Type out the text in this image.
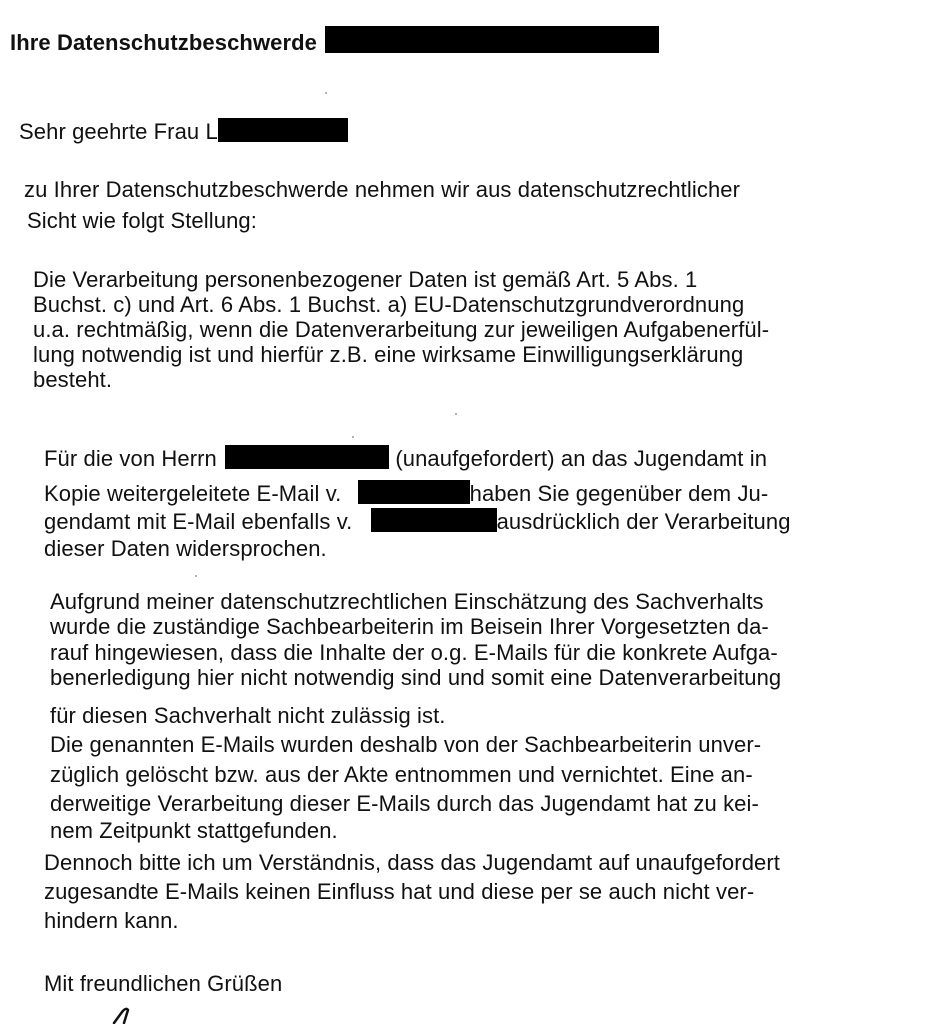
Ihre Datenschutzbeschwerde
Sehr geehrte Frau L
zu Ihrer Datenschutzbeschwerde nehmen wir aus datenschutzrechtlicher
Sicht wie folgt Stellung:
Die Verarbeitung personenbezogener Daten ist gemäß Art. 5 Abs. 1
Buchst. c) und Art. 6 Abs. 1 Buchst. a) EU-Datenschutzgrundverordnung
u.a. rechtmäßig, wenn die Datenverarbeitung zur jeweiligen Aufgabenerfül-
lung notwendig ist und hierfür z.B. eine wirksame Einwilligungserklärung
besteht.
Für die von Herrn	(unaufgefordert) an das Jugendamt in
Kopie weitergeleitete E-Mail v.	haben Sie gegenüber dem Ju-
gendamt mit E-Mail ebenfalls v.	ausdrücklich der Verarbeitung
dieser Daten widersprochen.
Aufgrund meiner datenschutzrechtlichen Einschätzung des Sachverhalts
wurde die zuständige Sachbearbeiterin im Beisein Ihrer Vorgesetzten da-
rauf hingewiesen, dass die Inhalte der o.g. E-Mails für die konkrete Aufga-
benerledigung hier nicht notwendig sind und somit eine Datenverarbeitung
für diesen Sachverhalt nicht zulässig ist.
Die genannten E-Mails wurden deshalb von der Sachbearbeiterin unver-
züglich gelöscht bzw. aus der Akte entnommen und vernichtet. Eine an-
derweitige Verarbeitung dieser E-Mails durch das Jugendamt hat zu kei-
nem Zeitpunkt stattgefunden.
Dennoch bitte ich um Verständnis, dass das Jugendamt auf unaufgefordert
zugesandte E-Mails keinen Einfluss hat und diese per se auch nicht ver-
hindern kann.
Mit freundlichen Grüßen
